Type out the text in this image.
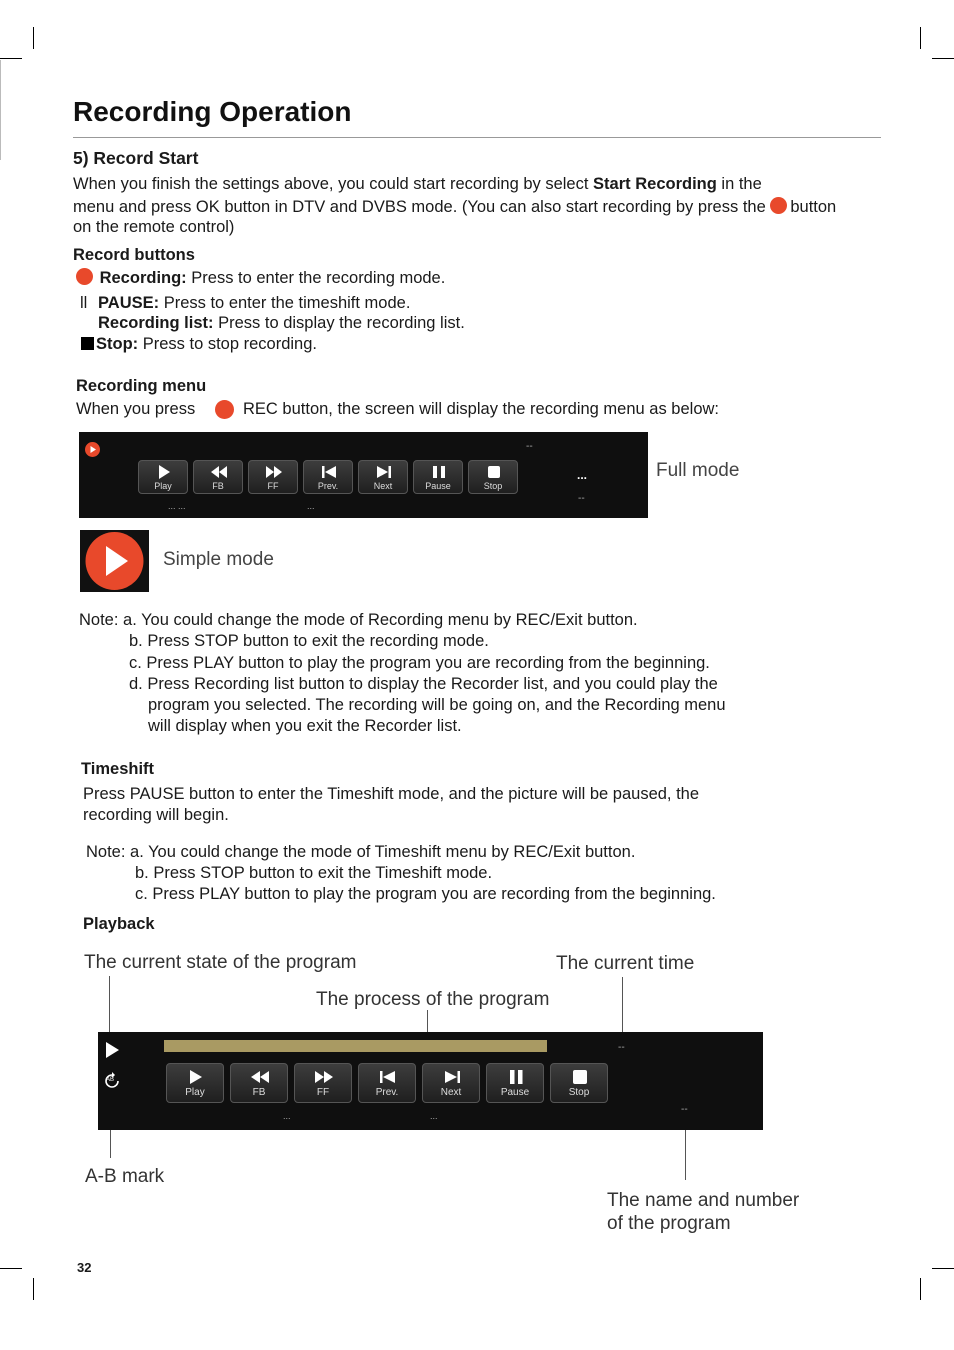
Recording Operation
5) Record Start
When you finish the settings above, you could start recording by select Start Recording in the
menu and press OK button in DTV and DVBS mode. (You can also start recording by press the button
on the remote control)
Record buttons
Recording: Press to enter the recording mode.
ll PAUSE: Press to enter the timeshift mode.
Recording list: Press to display the recording list.
Stop: Press to stop recording.
Recording menu
When you press	REC button, the screen will display the recording menu as below:
--
...
--
... ...	...
Play	FB	FF	Prev.	Next	Pause	Stop
Full mode
Simple mode
Note: a. You could change the mode of Recording menu by REC/Exit button.
b. Press STOP button to exit the recording mode.
c. Press PLAY button to play the program you are recording from the beginning.
d. Press Recording list button to display the Recorder list, and you could play the
program you selected. The recording will be going on, and the Recording menu
will display when you exit the Recorder list.
Timeshift
Press PAUSE button to enter the Timeshift mode, and the picture will be paused, the
recording will begin.
Note: a. You could change the mode of Timeshift menu by REC/Exit button.
b. Press STOP button to exit the Timeshift mode.
c. Press PLAY button to play the program you are recording from the beginning.
Playback
The current state of the program	The current time
The process of the program
--
AB
--
...	...
Play	FB	FF	Prev.	Next	Pause	Stop
A-B mark
The name and number
of the program
32
